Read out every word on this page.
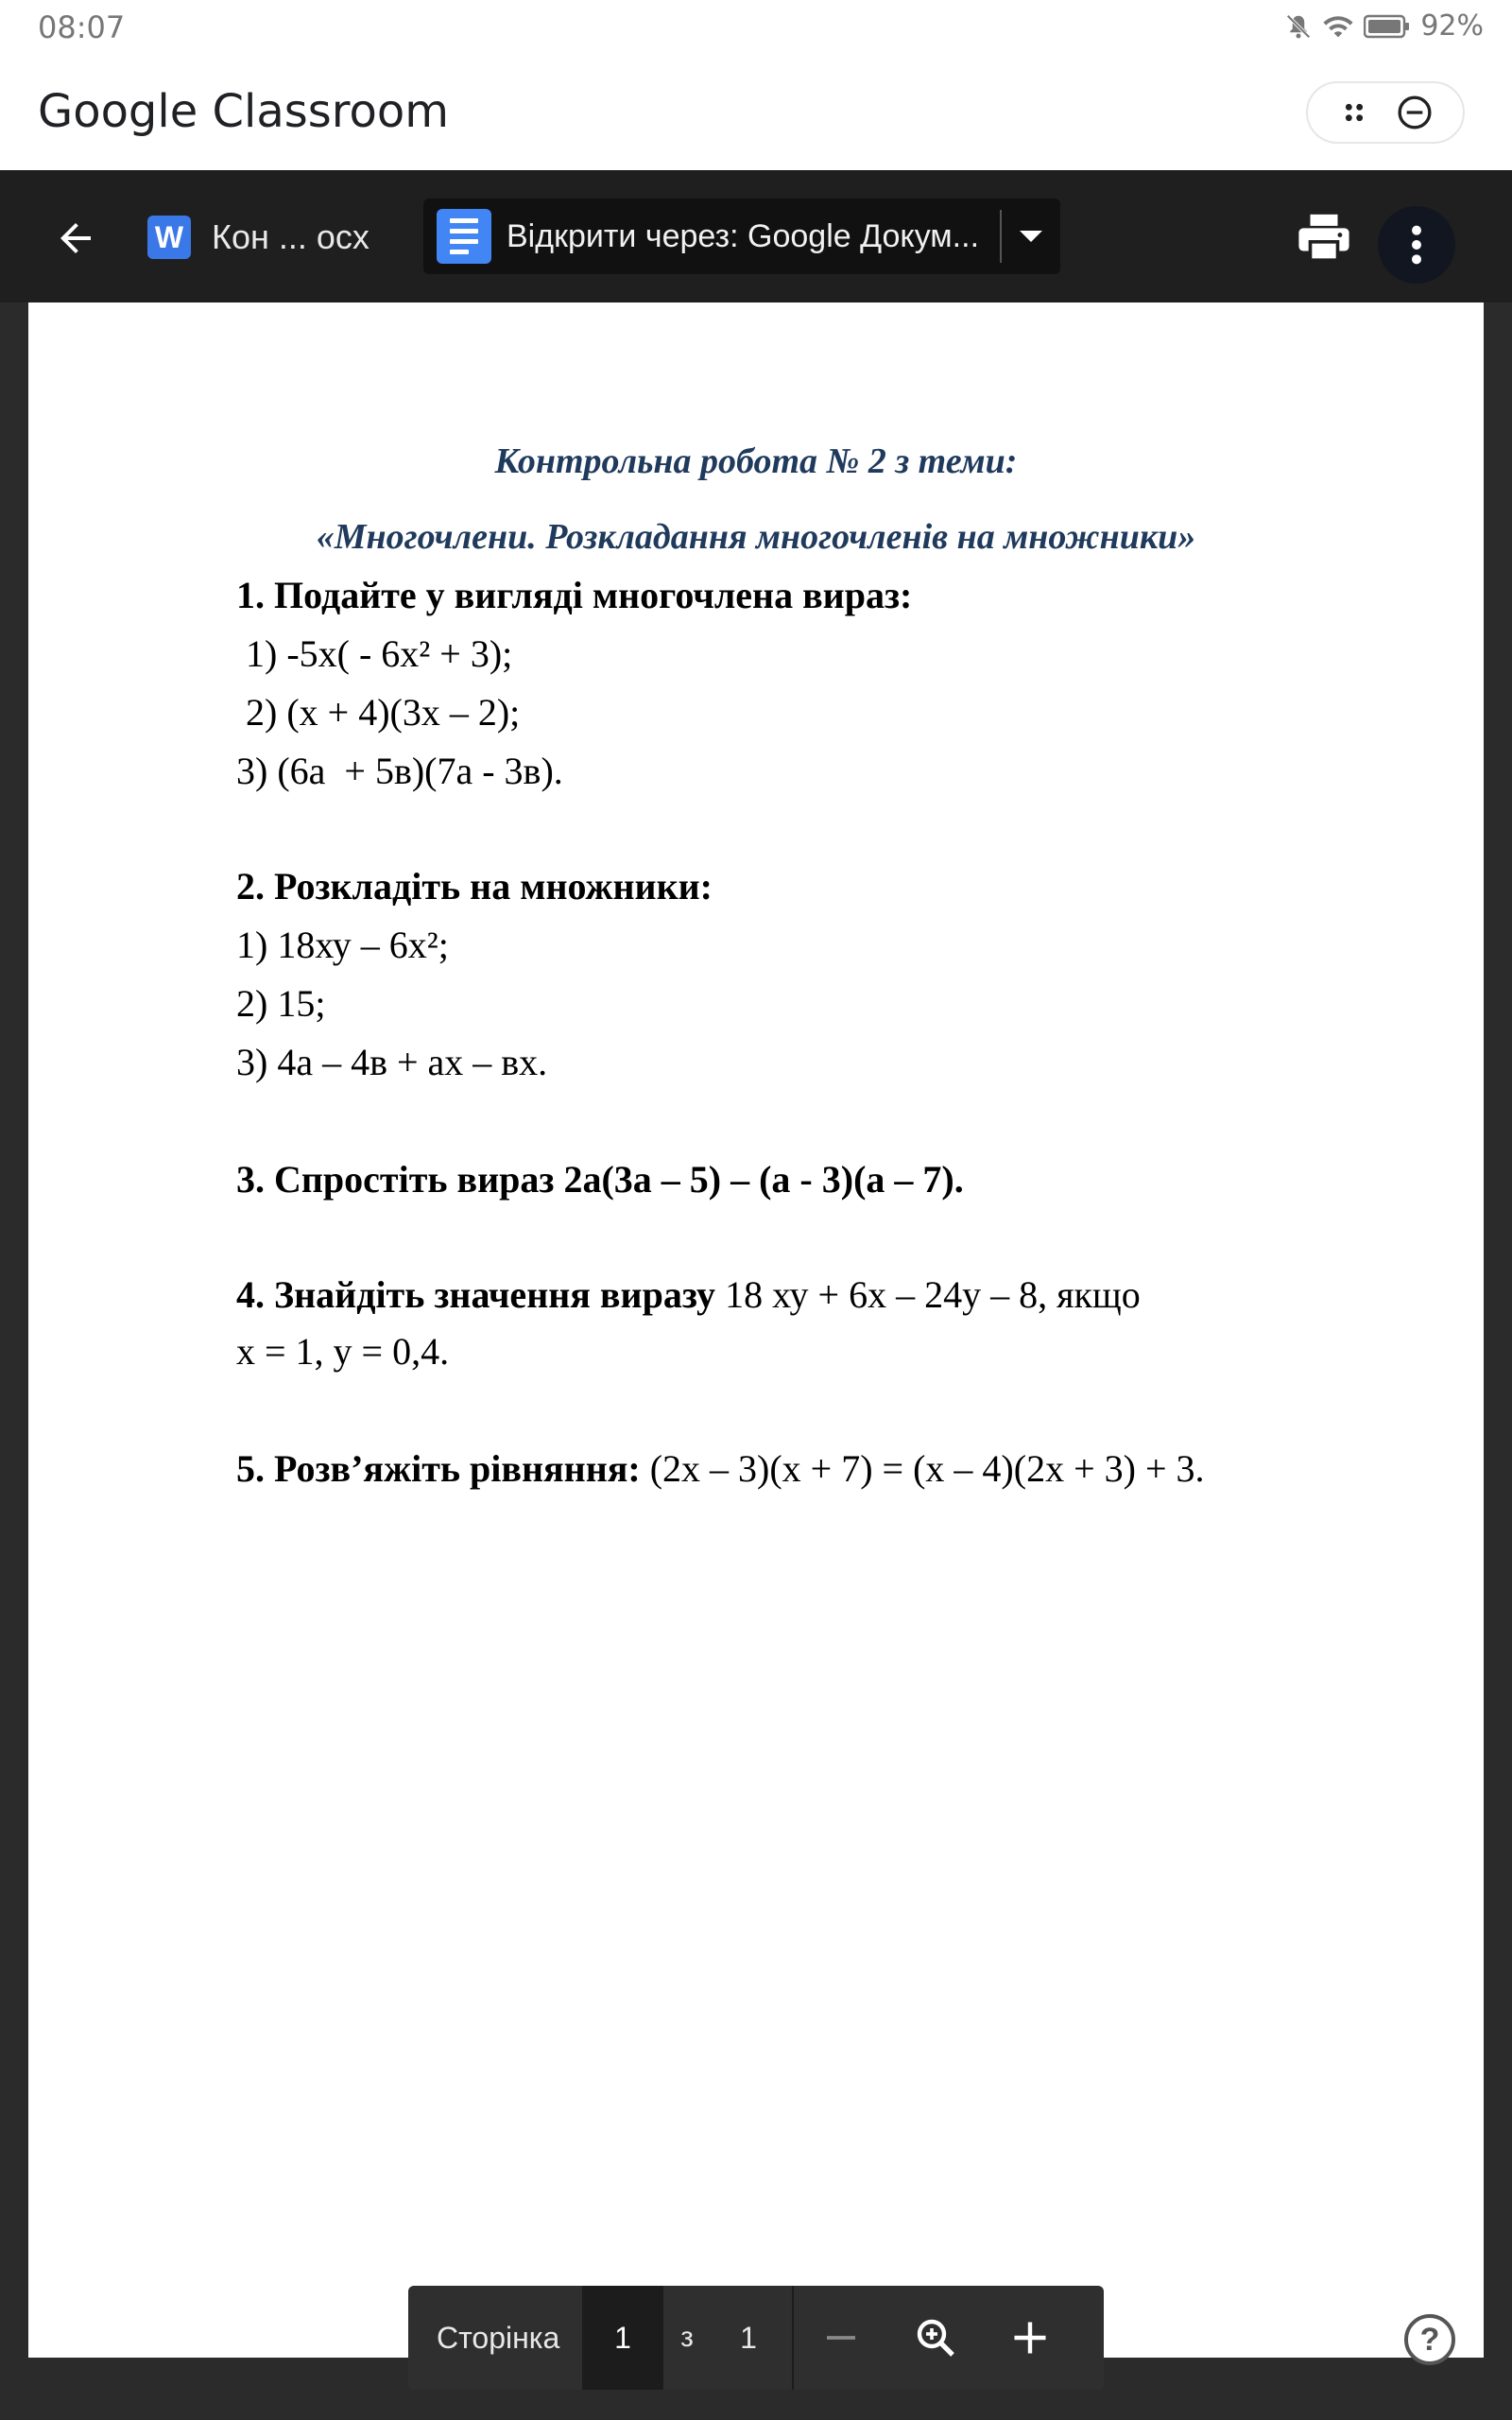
08:07	92%
Google Classroom
W Кон ... осх	Відкрити через: Google Докум...
Контрольна робота № 2 з теми:
«Многочлени. Розкладання многочленів на множники»
1. Подайте у вигляді многочлена вираз:
1) -5х( - 6х² + 3);
2) (х + 4)(3х – 2);
3) (6а  + 5в)(7а - 3в).
2. Розкладіть на множники:
1) 18ху – 6х²;
2) 15;
3) 4а – 4в + ах – вх.
3. Спростіть вираз 2а(3а – 5) – (а - 3)(а – 7).
4. Знайдіть значення виразу 18 ху + 6х – 24у – 8, якщо
х = 1, у = 0,4.
5. Розв’яжіть рівняння: (2х – 3)(х + 7) = (х – 4)(2х + 3) + 3.
Сторінка	1	з	1	?
